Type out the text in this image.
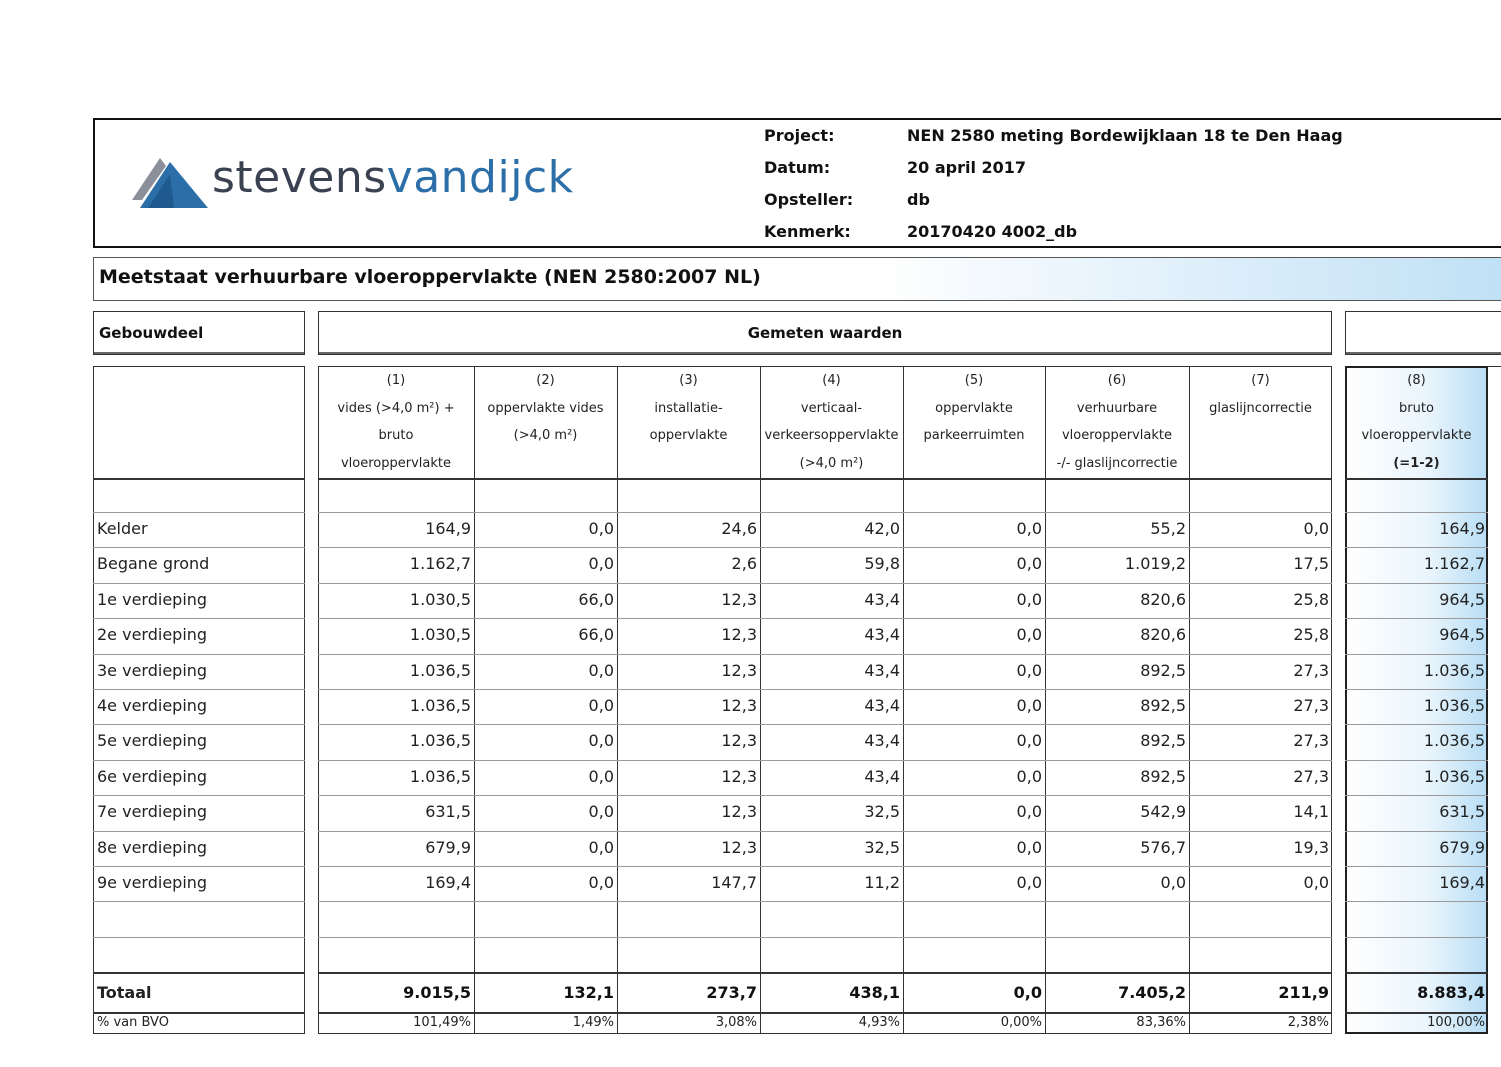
stevensvandijck
Project:	NEN 2580 meting Bordewijklaan 18 te Den Haag
Datum:	20 april 2017
Opsteller:	db
Kenmerk:	20170420 4002_db
Meetstaat verhuurbare vloeroppervlakte (NEN 2580:2007 NL)
Gebouwdeel	Gemeten waarden
(1)
vides (>4,0 m²) +
bruto
vloeroppervlakte
(2)
oppervlakte vides
(>4,0 m²)
(3)
installatie-
oppervlakte
(4)
verticaal-
verkeersoppervlakte
(>4,0 m²)
(5)
oppervlakte
parkeerruimten
(6)
verhuurbare
vloeroppervlakte
-/- glaslijncorrectie
(7)
glaslijncorrectie
(8)
bruto
vloeroppervlakte
(=1-2)
Kelder	164,9	0,0	24,6	42,0	0,0	55,2	0,0	164,9
Begane grond	1.162,7	0,0	2,6	59,8	0,0	1.019,2	17,5	1.162,7
1e verdieping	1.030,5	66,0	12,3	43,4	0,0	820,6	25,8	964,5
2e verdieping	1.030,5	66,0	12,3	43,4	0,0	820,6	25,8	964,5
3e verdieping	1.036,5	0,0	12,3	43,4	0,0	892,5	27,3	1.036,5
4e verdieping	1.036,5	0,0	12,3	43,4	0,0	892,5	27,3	1.036,5
5e verdieping	1.036,5	0,0	12,3	43,4	0,0	892,5	27,3	1.036,5
6e verdieping	1.036,5	0,0	12,3	43,4	0,0	892,5	27,3	1.036,5
7e verdieping	631,5	0,0	12,3	32,5	0,0	542,9	14,1	631,5
8e verdieping	679,9	0,0	12,3	32,5	0,0	576,7	19,3	679,9
9e verdieping	169,4	0,0	147,7	11,2	0,0	0,0	0,0	169,4
Totaal	9.015,5	132,1	273,7	438,1	0,0	7.405,2	211,9	8.883,4
% van BVO	101,49%	1,49%	3,08%	4,93%	0,00%	83,36%	2,38%	100,00%
